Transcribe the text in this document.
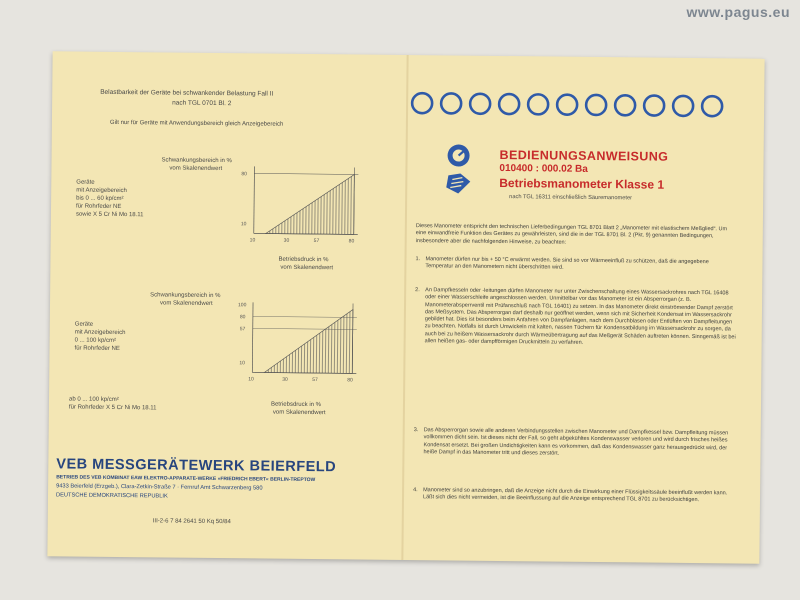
www.pagus.eu
Belastbarkeit der Geräte bei schwankender Belastung Fall II
nach TGL 0701 Bl. 2
Gilt nur für Geräte mit Anwendungsbereich gleich Anzeigebereich
Schwankungsbereich in %
vom Skalenendwert
Geräte
mit Anzeigebereich
bis 0 ... 60 kp/cm²
für Rohrfeder NE
sowie X 5 Cr Ni Mo 18.11
Betriebsdruck in %
vom Skalenendwert
80
10
10	30	57	80
Schwankungsbereich in %
vom Skalenendwert
Geräte
mit Anzeigebereich
0 ... 100 kp/cm²
für Rohrfeder NE
ab 0 ... 100 kp/cm²
für Rohrfeder X 5 Cr Ni Mo 18.11	Betriebsdruck in %
vom Skalenendwert
100
80
57
10
10	30	57	80
VEB MESSGERÄTEWERK BEIERFELD
BETRIEB DES VEB KOMBINAT EAW ELEKTRO-APPARATE-WERKE »FRIEDRICH EBERT« BERLIN-TREPTOW
9433 Beierfeld (Erzgeb.), Clara-Zetkin-Straße 7 · Fernruf Amt Schwarzenberg 580
DEUTSCHE DEMOKRATISCHE REPUBLIK
III-2-6 7 84 2641 50 Kq 50/84
BEDIENUNGSANWEISUNG
010400 : 000.02 Ba
Betriebsmanometer Klasse 1
nach TGL 16311 einschließlich Säuremanometer
Dieses Manometer entspricht den technischen Lieferbedingungen TGL 8701 Blatt 2 „Manometer mit elastischem Meßglied“. Um eine einwandfreie Funktion des Gerätes zu gewährleisten, sind die in der TGL 8701 Bl. 2 (Pkt. 9) genannten Bedingungen, insbesondere aber die nachfolgenden Hinweise, zu beachten:
1. Manometer dürfen nur bis + 50 °C erwärmt werden. Sie sind so vor Wärmeeinfluß zu schützen, daß die angegebene Temperatur an den Manometern nicht überschritten wird.
2. An Dampfkesseln oder -leitungen dürfen Manometer nur unter Zwischenschaltung eines Wassersackrohres nach TGL 16408 oder einer Wasserschleife angeschlossen werden. Unmittelbar vor das Manometer ist ein Absperrorgan (z. B. Manometerabsperrventil mit Prüfanschluß nach TGL 16401) zu setzen. In das Manometer direkt einströmender Dampf zerstört das Meßsystem. Das Absperrorgan darf deshalb nur geöffnet werden, wenn sich mit Sicherheit Kondensat im Wassersackrohr gebildet hat. Dies ist besonders beim Anfahren von Dampfanlagen, nach dem Durchblasen oder Entlüften von Dampfleitungen zu beachten. Notfalls ist durch Umwickeln mit kalten, nassen Tüchern für Kondensatbildung im Wassersackrohr zu sorgen, da auch bei zu heißem Wassersackrohr durch Wärmeübertragung auf das Meßgerät Schäden auftreten können. Sinngemäß ist bei allen heißen gas- oder dampfförmigen Druckmitteln zu verfahren.
3. Das Absperrorgan sowie alle anderen Verbindungsstellen zwischen Manometer und Dampfkessel bzw. Dampfleitung müssen vollkommen dicht sein. Ist dieses nicht der Fall, so geht abgekühltes Kondenswasser verloren und wird durch frisches heißes Kondensat ersetzt. Bei großen Undichtigkeiten kann es vorkommen, daß das Kondenswasser ganz herausgedrückt wird, der heiße Dampf in das Manometer tritt und dieses zerstört.
4. Manometer sind so anzubringen, daß die Anzeige nicht durch die Einwirkung einer Flüssigkeitssäule beeinflußt werden kann. Läßt sich dies nicht vermeiden, ist die Beeinflussung auf die Anzeige entsprechend TGL 8701 zu berücksichtigen.
